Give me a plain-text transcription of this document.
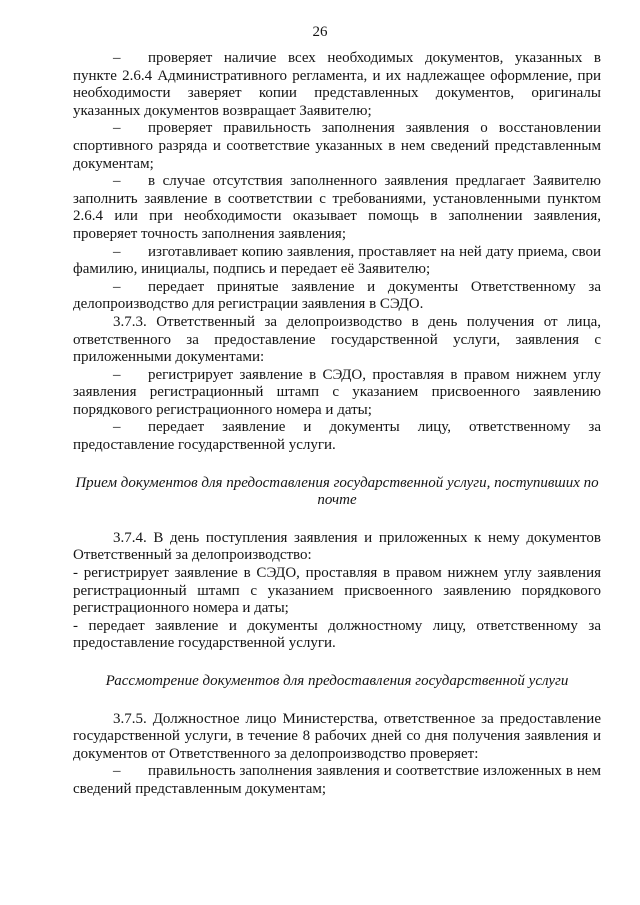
26

– проверяет наличие всех необходимых документов, указанных в пункте 2.6.4 Административного регламента, и их надлежащее оформление, при необходимости заверяет копии представленных документов, оригиналы указанных документов возвращает Заявителю;

– проверяет правильность заполнения заявления о восстановлении спортивного разряда и соответствие указанных в нем сведений представленным документам;

– в случае отсутствия заполненного заявления предлагает Заявителю заполнить заявление в соответствии с требованиями, установленными пунктом 2.6.4 или при необходимости оказывает помощь в заполнении заявления, проверяет точность заполнения заявления;

– изготавливает копию заявления, проставляет на ней дату приема, свои фамилию, инициалы, подпись и передает её Заявителю;

– передает принятые заявление и документы Ответственному за делопроизводство для регистрации заявления в СЭДО.

3.7.3. Ответственный за делопроизводство в день получения от лица, ответственного за предоставление государственной услуги, заявления с приложенными документами:

– регистрирует заявление в СЭДО, проставляя в правом нижнем углу заявления регистрационный штамп с указанием присвоенного заявлению порядкового регистрационного номера и даты;

– передает заявление и документы лицу, ответственному за предоставление государственной услуги.

Прием документов для предоставления государственной услуги, поступивших по почте

3.7.4. В день поступления заявления и приложенных к нему документов Ответственный за делопроизводство:

- регистрирует заявление в СЭДО, проставляя в правом нижнем углу заявления регистрационный штамп с указанием присвоенного заявлению порядкового регистрационного номера и даты;

- передает заявление и документы должностному лицу, ответственному за предоставление государственной услуги.

Рассмотрение документов для предоставления государственной услуги

3.7.5. Должностное лицо Министерства, ответственное за предоставление государственной услуги, в течение 8 рабочих дней со дня получения заявления и документов от Ответственного за делопроизводство проверяет:

– правильность заполнения заявления и соответствие изложенных в нем сведений представленным документам;
